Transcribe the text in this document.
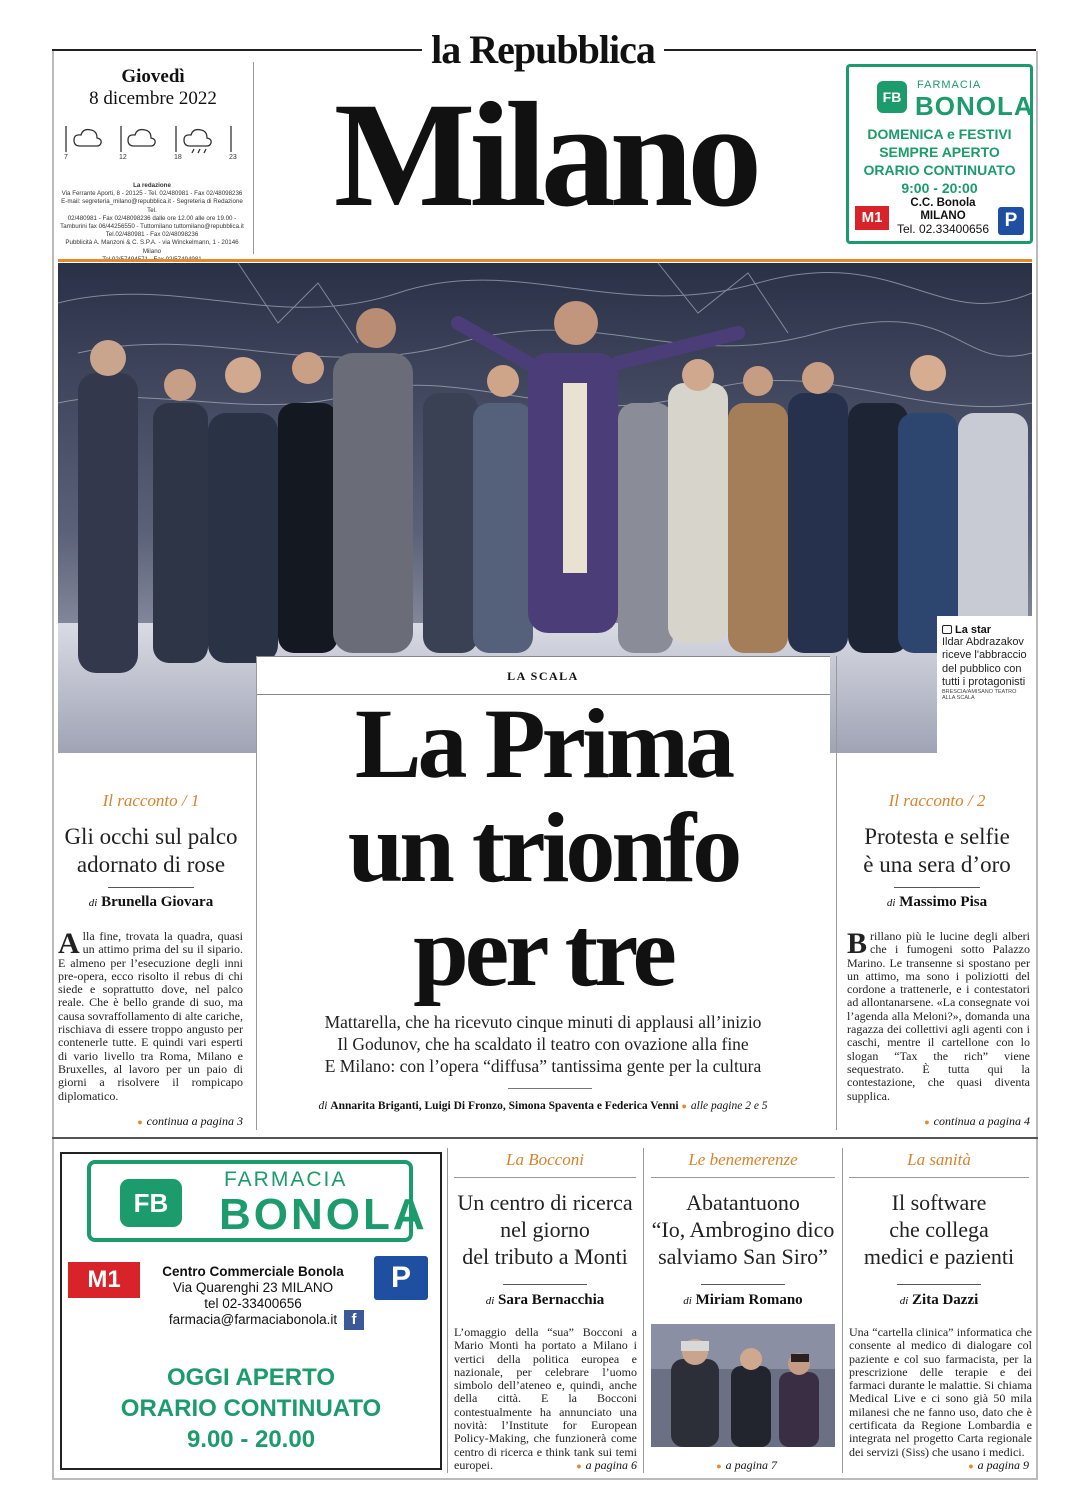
la Repubblica
Giovedì
8 dicembre 2022
7	12	18	23
La redazione
Via Ferrante Aporti, 8 - 20125 - Tel. 02/480981 - Fax 02/48098236
E-mail: segreteria_milano@repubblica.it - Segreteria di Redazione Tel.
02/480981 - Fax 02/48098236 dalle ore 12.00 alle ore 19.00 -
Tamburini fax 06/44256550 - Tuttomilano tuttomilano@repubblica.it
Tel.02/480981 - Fax 02/48098236
Pubblicità A. Manzoni & C. S.P.A. - via Winckelmann, 1 - 20146 Milano
Milano	FB
FARMACIA
BONOLA
DOMENICA e FESTIVI
SEMPRE APERTO
ORARIO CONTINUATO
9:00 - 20:00
M1
C.C. Bonola
MILANO
Tel. 02.33400656 P
La star
Ildar Abdrazakov riceve l'abbraccio del pubblico con tutti i protagonisti
BRESCIA/AMISANO TEATRO ALLA SCALA
LA SCALA
La Prima
un trionfo
per tre
Mattarella, che ha ricevuto cinque minuti di applausi all’inizio
Il Godunov, che ha scaldato il teatro con ovazione alla fine
E Milano: con l’opera “diffusa” tantissima gente per la cultura
di Annarita Briganti, Luigi Di Fronzo, Simona Spaventa e Federica Venni ● alle pagine 2 e 5
Il racconto / 1
Gli occhi sul palco
adornato di rose
di Brunella Giovara

Alla fine, trovata la quadra, quasi un attimo prima del su il sipario. E almeno per l’esecuzione degli inni pre-opera, ecco risolto il rebus di chi siede e soprattutto dove, nel palco reale. Che è bello grande di suo, ma causa sovraffollamento di alte cariche, rischiava di essere troppo angusto per contenerle tutte. E quindi vari esperti di vario livello tra Roma, Milano e Bruxelles, al lavoro per un paio di giorni a risolvere il rompicapo diplomatico.

● continua a pagina 3
Il racconto / 2
Protesta e selfie
è una sera d’oro
di Massimo Pisa

Brillano più le lucine degli alberi che i fumogeni sotto Palazzo Marino. Le transenne si spostano per un attimo, ma sono i poliziotti del cordone a trattenerle, e i contestatori ad allontanarsene. «La consegnate voi l’agenda alla Meloni?», domanda una ragazza dei collettivi agli agenti con i caschi, mentre il cartellone con lo slogan “Tax the rich” viene sequestrato. È tutta qui la contestazione, che quasi diventa supplica.

● continua a pagina 4
FB
FARMACIA
BONOLA
M1	Centro Commerciale Bonola
Via Quarenghi 23 MILANO
tel 02-33400656
farmacia@farmaciabonola.it f
P
OGGI APERTO
ORARIO CONTINUATO
9.00 - 20.00
La Bocconi
Un centro di ricerca
nel giorno
del tributo a Monti
di Sara Bernacchia

L’omaggio della “sua” Bocconi a Mario Monti ha portato a Milano i vertici della politica europea e nazionale, per celebrare l’uomo simbolo dell’ateneo e, quindi, anche della città. E la Bocconi contestualmente ha annunciato una novità: l’Institute for European Policy-Making, che funzionerà come centro di ricerca e think tank sui temi europei.	● a pagina 6
Le benemerenze
Abatantuono
“Io, Ambrogino dico
salviamo San Siro”
di Miriam Romano
● a pagina 7
La sanità
Il software
che collega
medici e pazienti
di Zita Dazzi

Una “cartella clinica” informatica che consente al medico di dialogare col paziente e col suo farmacista, per la prescrizione delle terapie e dei farmaci durante le malattie. Si chiama Medical Live e ci sono già 50 mila milanesi che ne fanno uso, dato che è certificata da Regione Lombardia e integrata nel progetto Carta regionale dei servizi (Siss) che usano i medici.

● a pagina 9
